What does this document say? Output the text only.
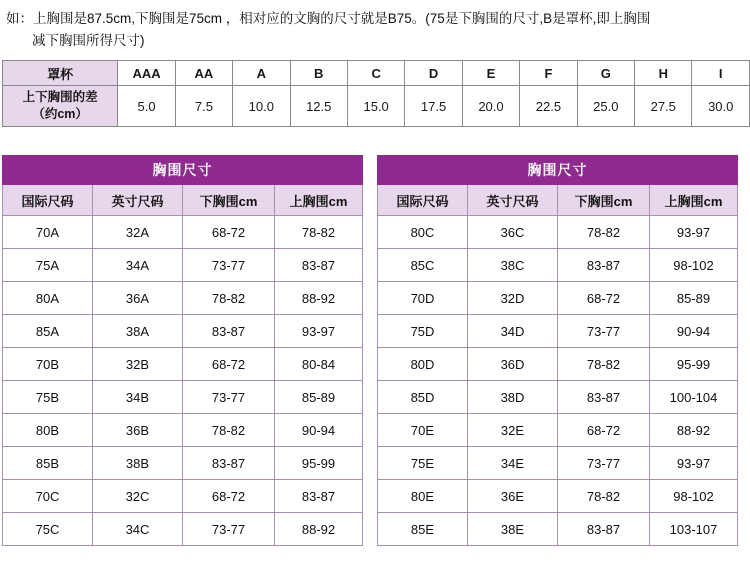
如：上胸围是87.5cm,下胸围是75cm ，相对应的文胸的尺寸就是B75。(75是下胸围的尺寸,B是罩杯,即上胸围
减下胸围所得尺寸)
罩杯	AAA	AA	A	B	C	D	E	F	G	H	I

上下胸围的差
（约cm）	5.0	7.5	10.0	12.5	15.0	17.5	20.0	22.5	25.0	27.5	30.0
胸围尺寸			
国际尺码	英寸尺码	下胸围cm	上胸围cm
70A	32A	68-72	78-82
75A	34A	73-77	83-87
80A	36A	78-82	88-92
85A	38A	83-87	93-97
70B	32B	68-72	80-84
75B	34B	73-77	85-89
80B	36B	78-82	90-94
85B	38B	83-87	95-99
70C	32C	68-72	83-87
75C	34C	73-77	88-92
胸围尺寸			
国际尺码	英寸尺码	下胸围cm	上胸围cm
80C	36C	78-82	93-97
85C	38C	83-87	98-102
70D	32D	68-72	85-89
75D	34D	73-77	90-94
80D	36D	78-82	95-99
85D	38D	83-87	100-104
70E	32E	68-72	88-92
75E	34E	73-77	93-97
80E	36E	78-82	98-102
85E	38E	83-87	103-107
